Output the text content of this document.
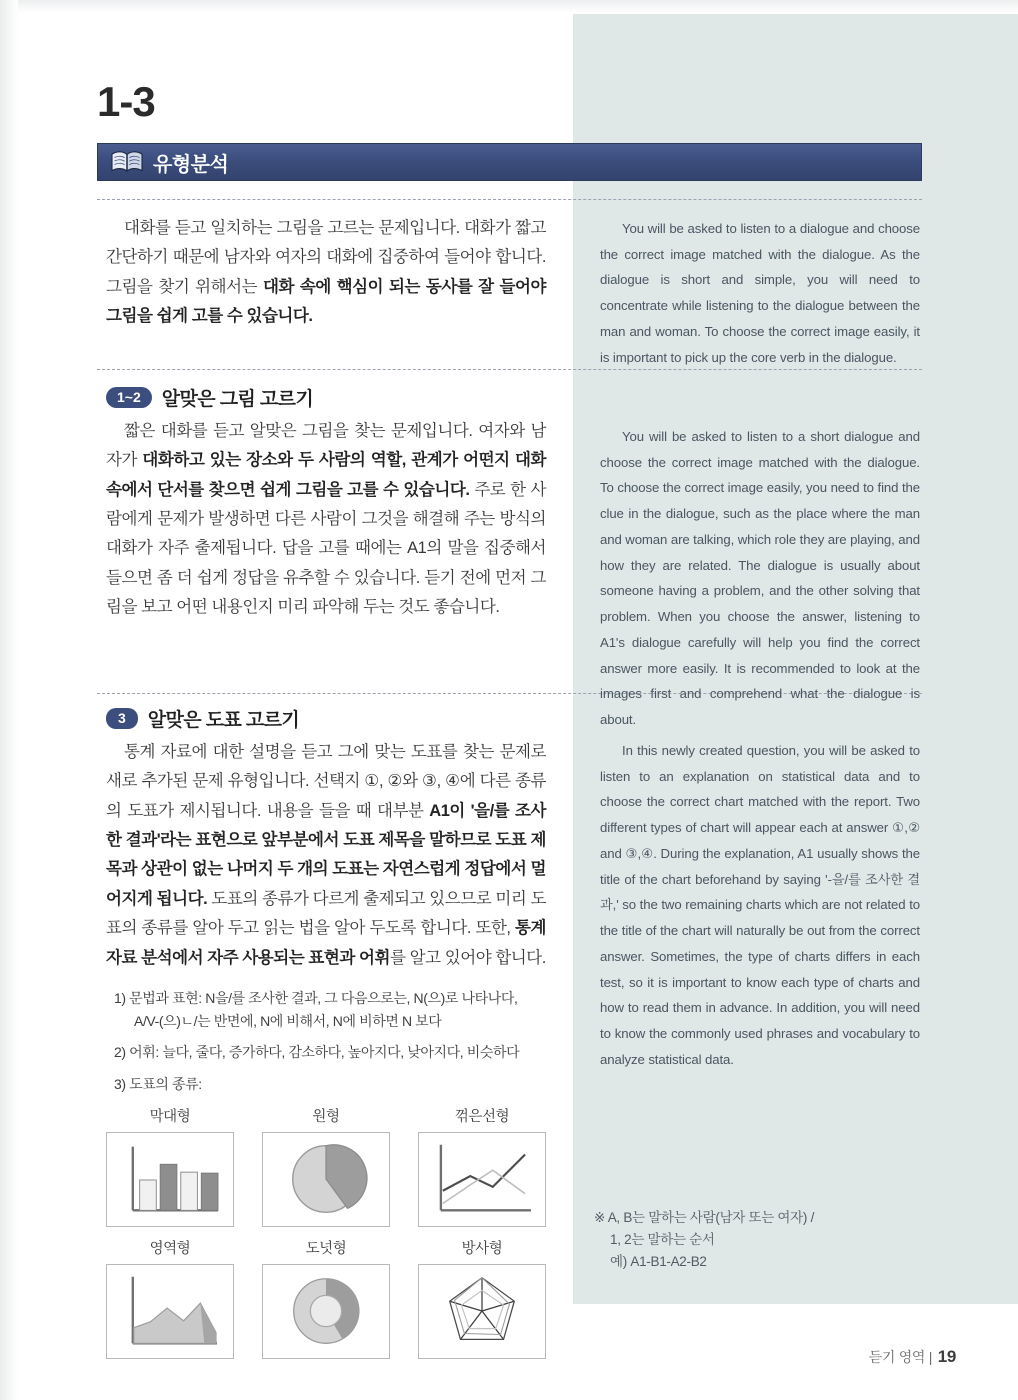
1-3
유형분석

대화를 듣고 일치하는 그림을 고르는 문제입니다. 대화가 짧고 간단하기 때문에 남자와 여자의 대화에 집중하여 들어야 합니다. 그림을 찾기 위해서는 대화 속에 핵심이 되는 동사를 잘 들어야 그림을 쉽게 고를 수 있습니다.

You will be asked to listen to a dialogue and choose the correct image matched with the dialogue. As the dialogue is short and simple, you will need to concentrate while listening to the dialogue between the man and woman. To choose the correct image easily, it is important to pick up the core verb in the dialogue.

1~2	알맞은 그림 고르기

짧은 대화를 듣고 알맞은 그림을 찾는 문제입니다. 여자와 남자가 대화하고 있는 장소와 두 사람의 역할, 관계가 어떤지 대화 속에서 단서를 찾으면 쉽게 그림을 고를 수 있습니다. 주로 한 사람에게 문제가 발생하면 다른 사람이 그것을 해결해 주는 방식의 대화가 자주 출제됩니다. 답을 고를 때에는 A1의 말을 집중해서 들으면 좀 더 쉽게 정답을 유추할 수 있습니다. 듣기 전에 먼저 그림을 보고 어떤 내용인지 미리 파악해 두는 것도 좋습니다.

You will be asked to listen to a short dialogue and choose the correct image matched with the dialogue. To choose the correct image easily, you need to find the clue in the dialogue, such as the place where the man and woman are talking, which role they are playing, and how they are related. The dialogue is usually about someone having a problem, and the other solving that problem. When you choose the answer, listening to A1's dialogue carefully will help you find the correct answer more easily. It is recommended to look at the images first and comprehend what the dialogue is about.

3	알맞은 도표 고르기

통계 자료에 대한 설명을 듣고 그에 맞는 도표를 찾는 문제로 새로 추가된 문제 유형입니다. 선택지 ①, ②와 ③, ④에 다른 종류의 도표가 제시됩니다. 내용을 들을 때 대부분 A1이 '을/를 조사한 결과'라는 표현으로 앞부분에서 도표 제목을 말하므로 도표 제목과 상관이 없는 나머지 두 개의 도표는 자연스럽게 정답에서 멀어지게 됩니다. 도표의 종류가 다르게 출제되고 있으므로 미리 도표의 종류를 알아 두고 읽는 법을 알아 두도록 합니다. 또한, 통계 자료 분석에서 자주 사용되는 표현과 어휘를 알고 있어야 합니다.

1) 문법과 표현: N을/를 조사한 결과, 그 다음으로는, N(으)로 나타나다,
A/V-(으)ㄴ/는 반면에, N에 비해서, N에 비하면 N 보다
2) 어휘: 늘다, 줄다, 증가하다, 감소하다, 높아지다, 낮아지다, 비슷하다
3) 도표의 종류:
막대형	원형	꺾은선형
영역형	도넛형	방사형

In this newly created question, you will be asked to listen to an explanation on statistical data and to choose the correct chart matched with the report. Two different types of chart will appear each at answer ①,② and ③,④. During the explanation, A1 usually shows the title of the chart beforehand by saying '-을/를 조사한 결과,' so the two remaining charts which are not related to the title of the chart will naturally be out from the correct answer. Sometimes, the type of charts differs in each test, so it is important to know each type of charts and how to read them in advance. In addition, you will need to know the commonly used phrases and vocabulary to analyze statistical data.

※ A, B는 말하는 사람(남자 또는 여자) /
1, 2는 말하는 순서
예) A1-B1-A2-B2
듣기 영역 | 19
